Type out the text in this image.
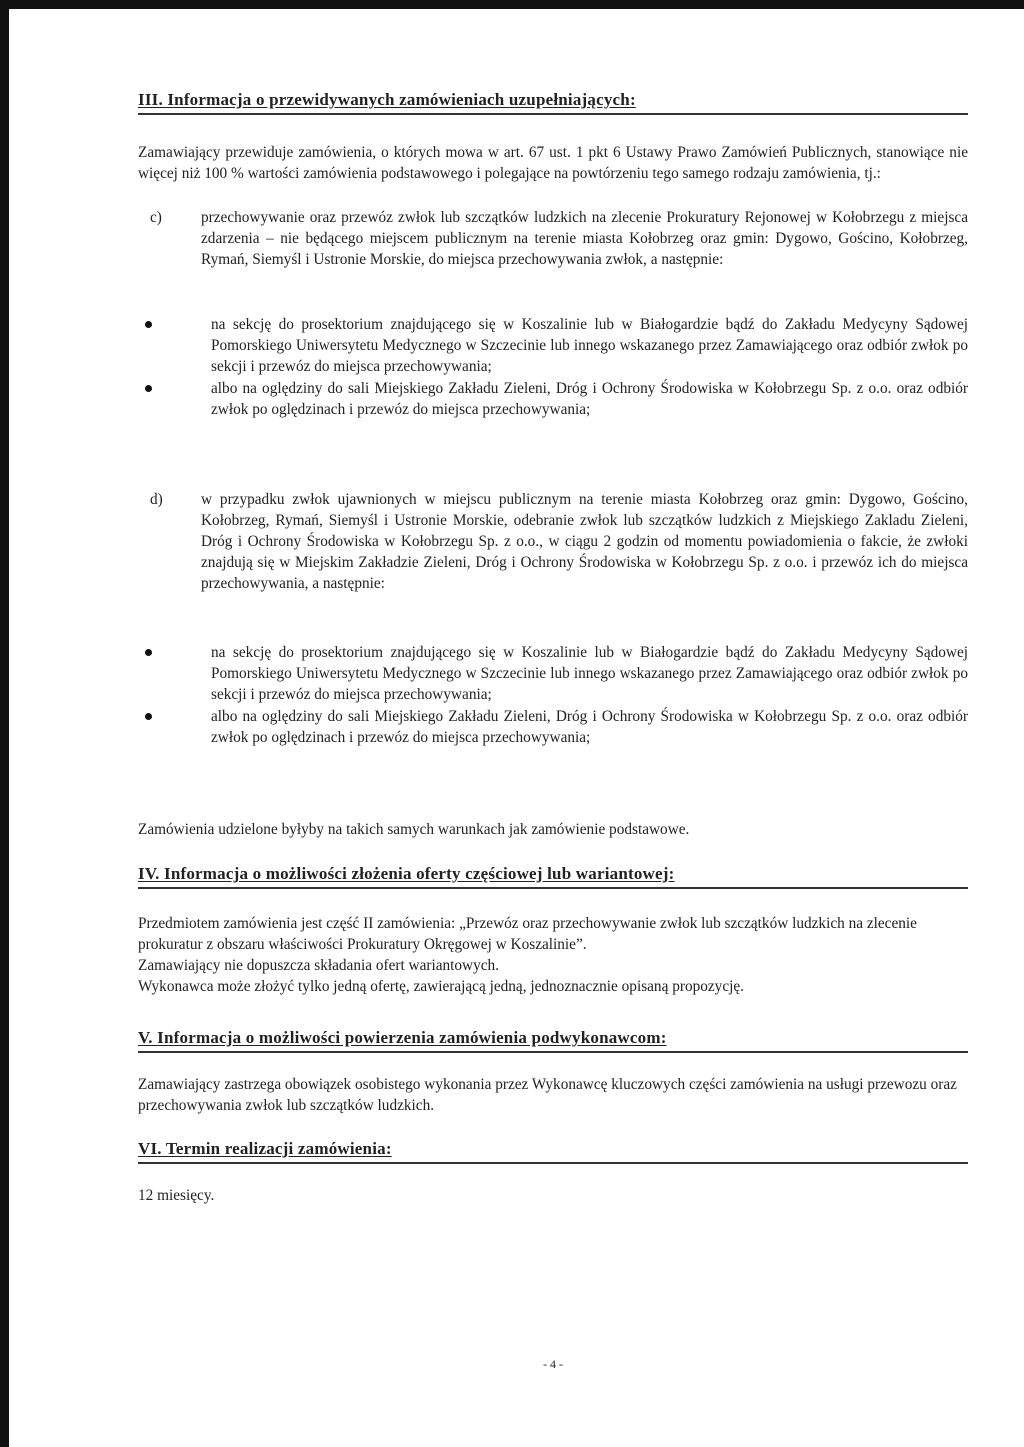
III. Informacja o przewidywanych zamówieniach uzupełniających:

Zamawiający przewiduje zamówienia, o których mowa w art. 67 ust. 1 pkt 6 Ustawy Prawo Zamówień Publicznych, stanowiące nie więcej niż 100 % wartości zamówienia podstawowego i polegające na powtórzeniu tego samego rodzaju zamówienia, tj.:

c)	przechowywanie oraz przewóz zwłok lub szczątków ludzkich na zlecenie Prokuratury Rejonowej w Kołobrzegu z miejsca zdarzenia – nie będącego miejscem publicznym na terenie miasta Kołobrzeg oraz gmin: Dygowo, Gościno, Kołobrzeg, Rymań, Siemyśl i Ustronie Morskie, do miejsca przechowywania zwłok, a następnie:
na sekcję do prosektorium znajdującego się w Koszalinie lub w Białogardzie bądź do Zakładu Medycyny Sądowej Pomorskiego Uniwersytetu Medycznego w Szczecinie lub innego wskazanego przez Zamawiającego oraz odbiór zwłok po sekcji i przewóz do miejsca przechowywania;
albo na oględziny do sali Miejskiego Zakładu Zieleni, Dróg i Ochrony Środowiska w Kołobrzegu Sp. z o.o. oraz odbiór zwłok po oględzinach i przewóz do miejsca przechowywania;
d)	w przypadku zwłok ujawnionych w miejscu publicznym na terenie miasta Kołobrzeg oraz gmin: Dygowo, Gościno, Kołobrzeg, Rymań, Siemyśl i Ustronie Morskie, odebranie zwłok lub szczątków ludzkich z Miejskiego Zakladu Zieleni, Dróg i Ochrony Środowiska w Kołobrzegu Sp. z o.o., w ciągu 2 godzin od momentu powiadomienia o fakcie, że zwłoki znajdują się w Miejskim Zakładzie Zieleni, Dróg i Ochrony Środowiska w Kołobrzegu Sp. z o.o. i przewóz ich do miejsca przechowywania, a następnie:
na sekcję do prosektorium znajdującego się w Koszalinie lub w Białogardzie bądź do Zakładu Medycyny Sądowej Pomorskiego Uniwersytetu Medycznego w Szczecinie lub innego wskazanego przez Zamawiającego oraz odbiór zwłok po sekcji i przewóz do miejsca przechowywania;
albo na oględziny do sali Miejskiego Zakładu Zieleni, Dróg i Ochrony Środowiska w Kołobrzegu Sp. z o.o. oraz odbiór zwłok po oględzinach i przewóz do miejsca przechowywania;

Zamówienia udzielone byłyby na takich samych warunkach jak zamówienie podstawowe.

IV. Informacja o możliwości złożenia oferty częściowej lub wariantowej:
Przedmiotem zamówienia jest część II zamówienia: „Przewóz oraz przechowywanie zwłok lub szczątków ludzkich na zlecenie prokuratur z obszaru właściwości Prokuratury Okręgowej w Koszalinie”.
Zamawiający nie dopuszcza składania ofert wariantowych.
Wykonawca może złożyć tylko jedną ofertę, zawierającą jedną, jednoznacznie opisaną propozycję.
V. Informacja o możliwości powierzenia zamówienia podwykonawcom:

Zamawiający zastrzega obowiązek osobistego wykonania przez Wykonawcę kluczowych części zamówienia na usługi przewozu oraz przechowywania zwłok lub szczątków ludzkich.

VI. Termin realizacji zamówienia:

12 miesięcy.

- 4 -
